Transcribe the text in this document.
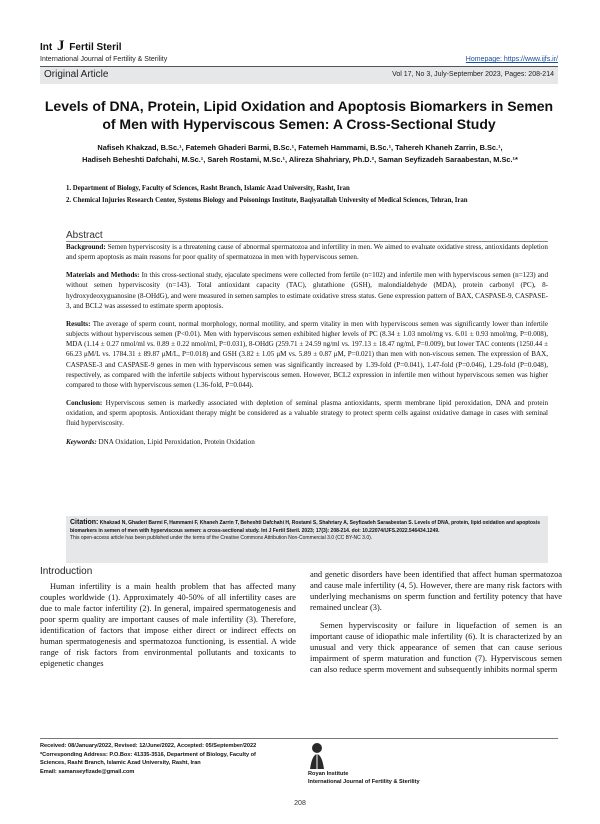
Int J Fertil Steril
International Journal of Fertility & Sterility	Homepage: https://www.ijfs.ir/
Original Article	Vol 17, No 3, July-September 2023, Pages: 208-214
Levels of DNA, Protein, Lipid Oxidation and Apoptosis Biomarkers in Semen of Men with Hyperviscous Semen: A Cross-Sectional Study
Nafiseh Khakzad, B.Sc.¹, Fatemeh Ghaderi Barmi, B.Sc.¹, Fatemeh Hammami, B.Sc.¹, Tahereh Khaneh Zarrin, B.Sc.¹,
Hadiseh Beheshti Dafchahi, M.Sc.¹, Sareh Rostami, M.Sc.¹, Alireza Shahriary, Ph.D.², Saman Seyfizadeh Saraabestan, M.Sc.¹*

1. Department of Biology, Faculty of Sciences, Rasht Branch, Islamic Azad University, Rasht, Iran

2. Chemical Injuries Research Center, Systems Biology and Poisonings Institute, Baqiyatallah University of Medical Sciences, Tehran, Iran

Abstract

Background: Semen hyperviscosity is a threatening cause of abnormal spermatozoa and infertility in men. We aimed to evaluate oxidative stress, antioxidants depletion and sperm apoptosis as main reasons for poor quality of spermatozoa in men with hyperviscous semen.

Materials and Methods: In this cross-sectional study, ejaculate specimens were collected from fertile (n=102) and infertile men with hyperviscous semen (n=123) and without semen hyperviscosity (n=143). Total antioxidant capacity (TAC), glutathione (GSH), malondialdehyde (MDA), protein carbonyl (PC), 8-hydroxydeoxyguanosine (8-OHdG), and were measured in semen samples to estimate oxidative stress status. Gene expression pattern of BAX, CASPASE-9, CASPASE-3, and BCL2 was assessed to estimate sperm apoptosis.

Results: The average of sperm count, normal morphology, normal motility, and sperm vitality in men with hyperviscous semen was significantly lower than infertile subjects without hyperviscous semen (P<0.01). Men with hyperviscous semen exhibited higher levels of PC (8.34 ± 1.03 nmol/mg vs. 6.01 ± 0.93 nmol/mg, P=0.008), MDA (1.14 ± 0.27 nmol/ml vs. 0.89 ± 0.22 nmol/ml, P=0.031), 8-OHdG (259.71 ± 24.59 ng/ml vs. 197.13 ± 18.47 ng/ml, P=0.009), but lower TAC contents (1250.44 ± 66.23 μM/L vs. 1784.31 ± 89.87 μM/L, P=0.018) and GSH (3.82 ± 1.05 μM vs. 5.89 ± 0.87 μM, P=0.021) than men with non-viscous semen. The expression of BAX, CASPASE-3 and CASPASE-9 genes in men with hyperviscous semen was significantly increased by 1.39-fold (P=0.041), 1.47-fold (P=0.046), 1.29-fold (P=0.048), respectively, as compared with the infertile subjects without hyperviscous semen. However, BCL2 expression in infertile men without hyperviscous semen was higher compared to those with hyperviscous semen (1.36-fold, P=0.044).

Conclusion: Hyperviscous semen is markedly associated with depletion of seminal plasma antioxidants, sperm membrane lipid peroxidation, DNA and protein oxidation, and sperm apoptosis. Antioxidant therapy might be considered as a valuable strategy to protect sperm cells against oxidative damage in cases with seminal fluid hyperviscosity.

Keywords: DNA Oxidation, Lipid Peroxidation, Protein Oxidation

Citation: Khakzad N, Ghaderi Barmi F, Hammami F, Khaneh Zarrin T, Beheshti Dafchahi H, Rostami S, Shahriary A, Seyfizadeh Saraabestan S. Levels of DNA, protein, lipid oxidation and apoptosis biomarkers in semen of men with hyperviscous semen: a cross-sectional study. Int J Fertil Steril. 2023; 17(3): 208-214. doi: 10.22074/IJFS.2022.546434.1249.
This open-access article has been published under the terms of the Creative Commons Attribution Non-Commercial 3.0 (CC BY-NC 3.0).
Introduction

Human infertility is a main health problem that has affected many couples worldwide (1). Approximately 40-50% of all infertility cases are due to male factor infertility (2). In general, impaired spermatogenesis and poor sperm quality are important causes of male infertility (3). Therefore, identification of factors that impose either direct or indirect effects on human spermatogenesis and spermatozoa functioning, is essential. A wide range of risk factors from environmental pollutants and toxicants to epigenetic changes

and genetic disorders have been identified that affect human spermatozoa and cause male infertility (4, 5). However, there are many risk factors with underlying mechanisms on sperm function and fertility potency that have remained unclear (3).

Semen hyperviscosity or failure in liquefaction of semen is an important cause of idiopathic male infertility (6). It is characterized by an unusual and very thick appearance of semen that can cause serious impairment of sperm maturation and function (7). Hyperviscous semen can also reduce sperm movement and subsequently inhibits normal sperm

Received: 08/January/2022, Revised: 12/June/2022, Accepted: 05/September/2022

*Corresponding Address: P.O.Box: 41335-3516, Department of Biology, Faculty of Sciences, Rasht Branch, Islamic Azad University, Rasht, Iran

Email: samanseyfizade@gmail.com	Royan Institute
International Journal of Fertility & Sterility
208
